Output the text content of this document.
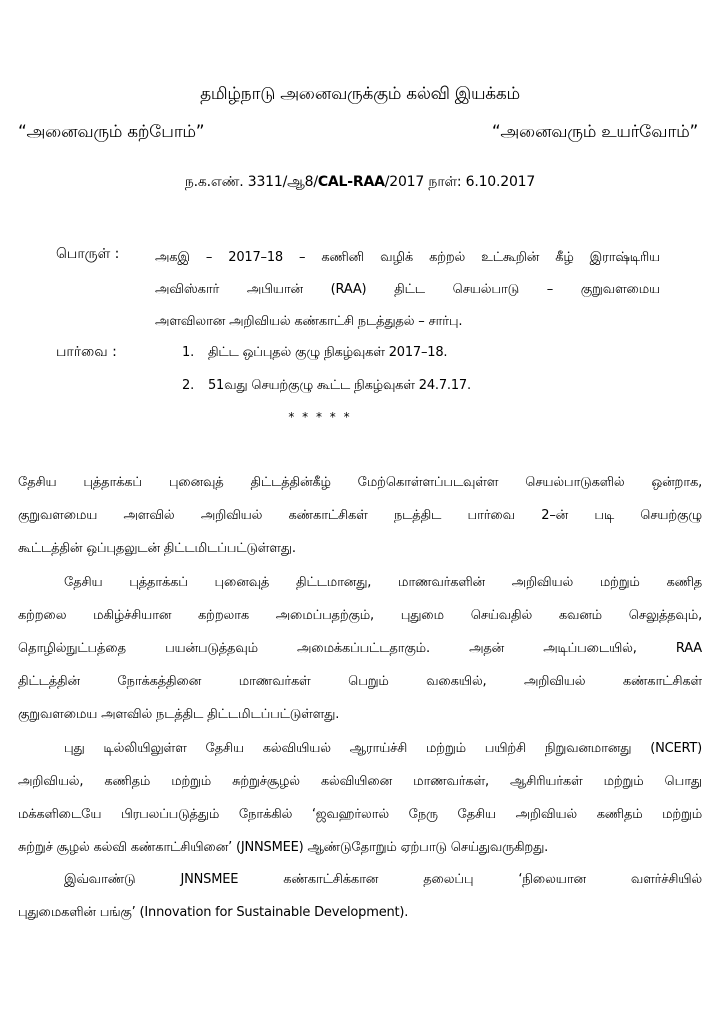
தமிழ்நாடு அனைவருக்கும் கல்வி இயக்கம்
“அனைவரும் கற்போம்”	“அனைவரும் உயர்வோம்”
ந.க.எண். 3311/ஆ8/CAL-RAA/2017 நாள்: 6.10.2017
பொருள் :	அகஇ – 2017–18 – கணினி வழிக் கற்றல் உட்கூறின் கீழ் இராஷ்டிரிய
அவிஸ்கார் அபியான் (RAA) திட்ட செயல்பாடு – குறுவளமைய
அளவிலான அறிவியல் கண்காட்சி நடத்துதல் – சார்பு.
பார்வை :	1. திட்ட ஒப்புதல் குழு நிகழ்வுகள் 2017–18.
2. 51வது செயற்குழு கூட்ட நிகழ்வுகள் 24.7.17.
* * * * *
தேசிய புத்தாக்கப் புனைவுத் திட்டத்தின்கீழ் மேற்கொள்ளப்படவுள்ள செயல்பாடுகளில் ஒன்றாக,
குறுவளமைய அளவில் அறிவியல் கண்காட்சிகள் நடத்திட பார்வை 2–ன் படி செயற்குழு
கூட்டத்தின் ஒப்புதலுடன் திட்டமிடப்பட்டுள்ளது.
தேசிய புத்தாக்கப் புனைவுத் திட்டமானது, மாணவர்களின் அறிவியல் மற்றும் கணித
கற்றலை மகிழ்ச்சியான கற்றலாக அமைப்பதற்கும், புதுமை செய்வதில் கவனம் செலுத்தவும்,
தொழில்நுட்பத்தை பயன்படுத்தவும் அமைக்கப்பட்டதாகும். அதன் அடிப்படையில், RAA
திட்டத்தின் நோக்கத்தினை மாணவர்கள் பெறும் வகையில், அறிவியல் கண்காட்சிகள்
குறுவளமைய அளவில் நடத்திட திட்டமிடப்பட்டுள்ளது.
புது டில்லியிலுள்ள தேசிய கல்வியியல் ஆராய்ச்சி மற்றும் பயிற்சி நிறுவனமானது (NCERT)
அறிவியல், கணிதம் மற்றும் சுற்றுச்சூழல் கல்வியினை மாணவர்கள், ஆசிரியர்கள் மற்றும் பொது
மக்களிடையே பிரபலப்படுத்தும் நோக்கில் ‘ஜவஹர்லால் நேரு தேசிய அறிவியல் கணிதம் மற்றும்
சுற்றுச் சூழல் கல்வி கண்காட்சியினை’ (JNNSMEE) ஆண்டுதோறும் ஏற்பாடு செய்துவருகிறது.
இவ்வாண்டு JNNSMEE கண்காட்சிக்கான தலைப்பு ‘நிலையான வளர்ச்சியில்
புதுமைகளின் பங்கு’ (Innovation for Sustainable Development).
